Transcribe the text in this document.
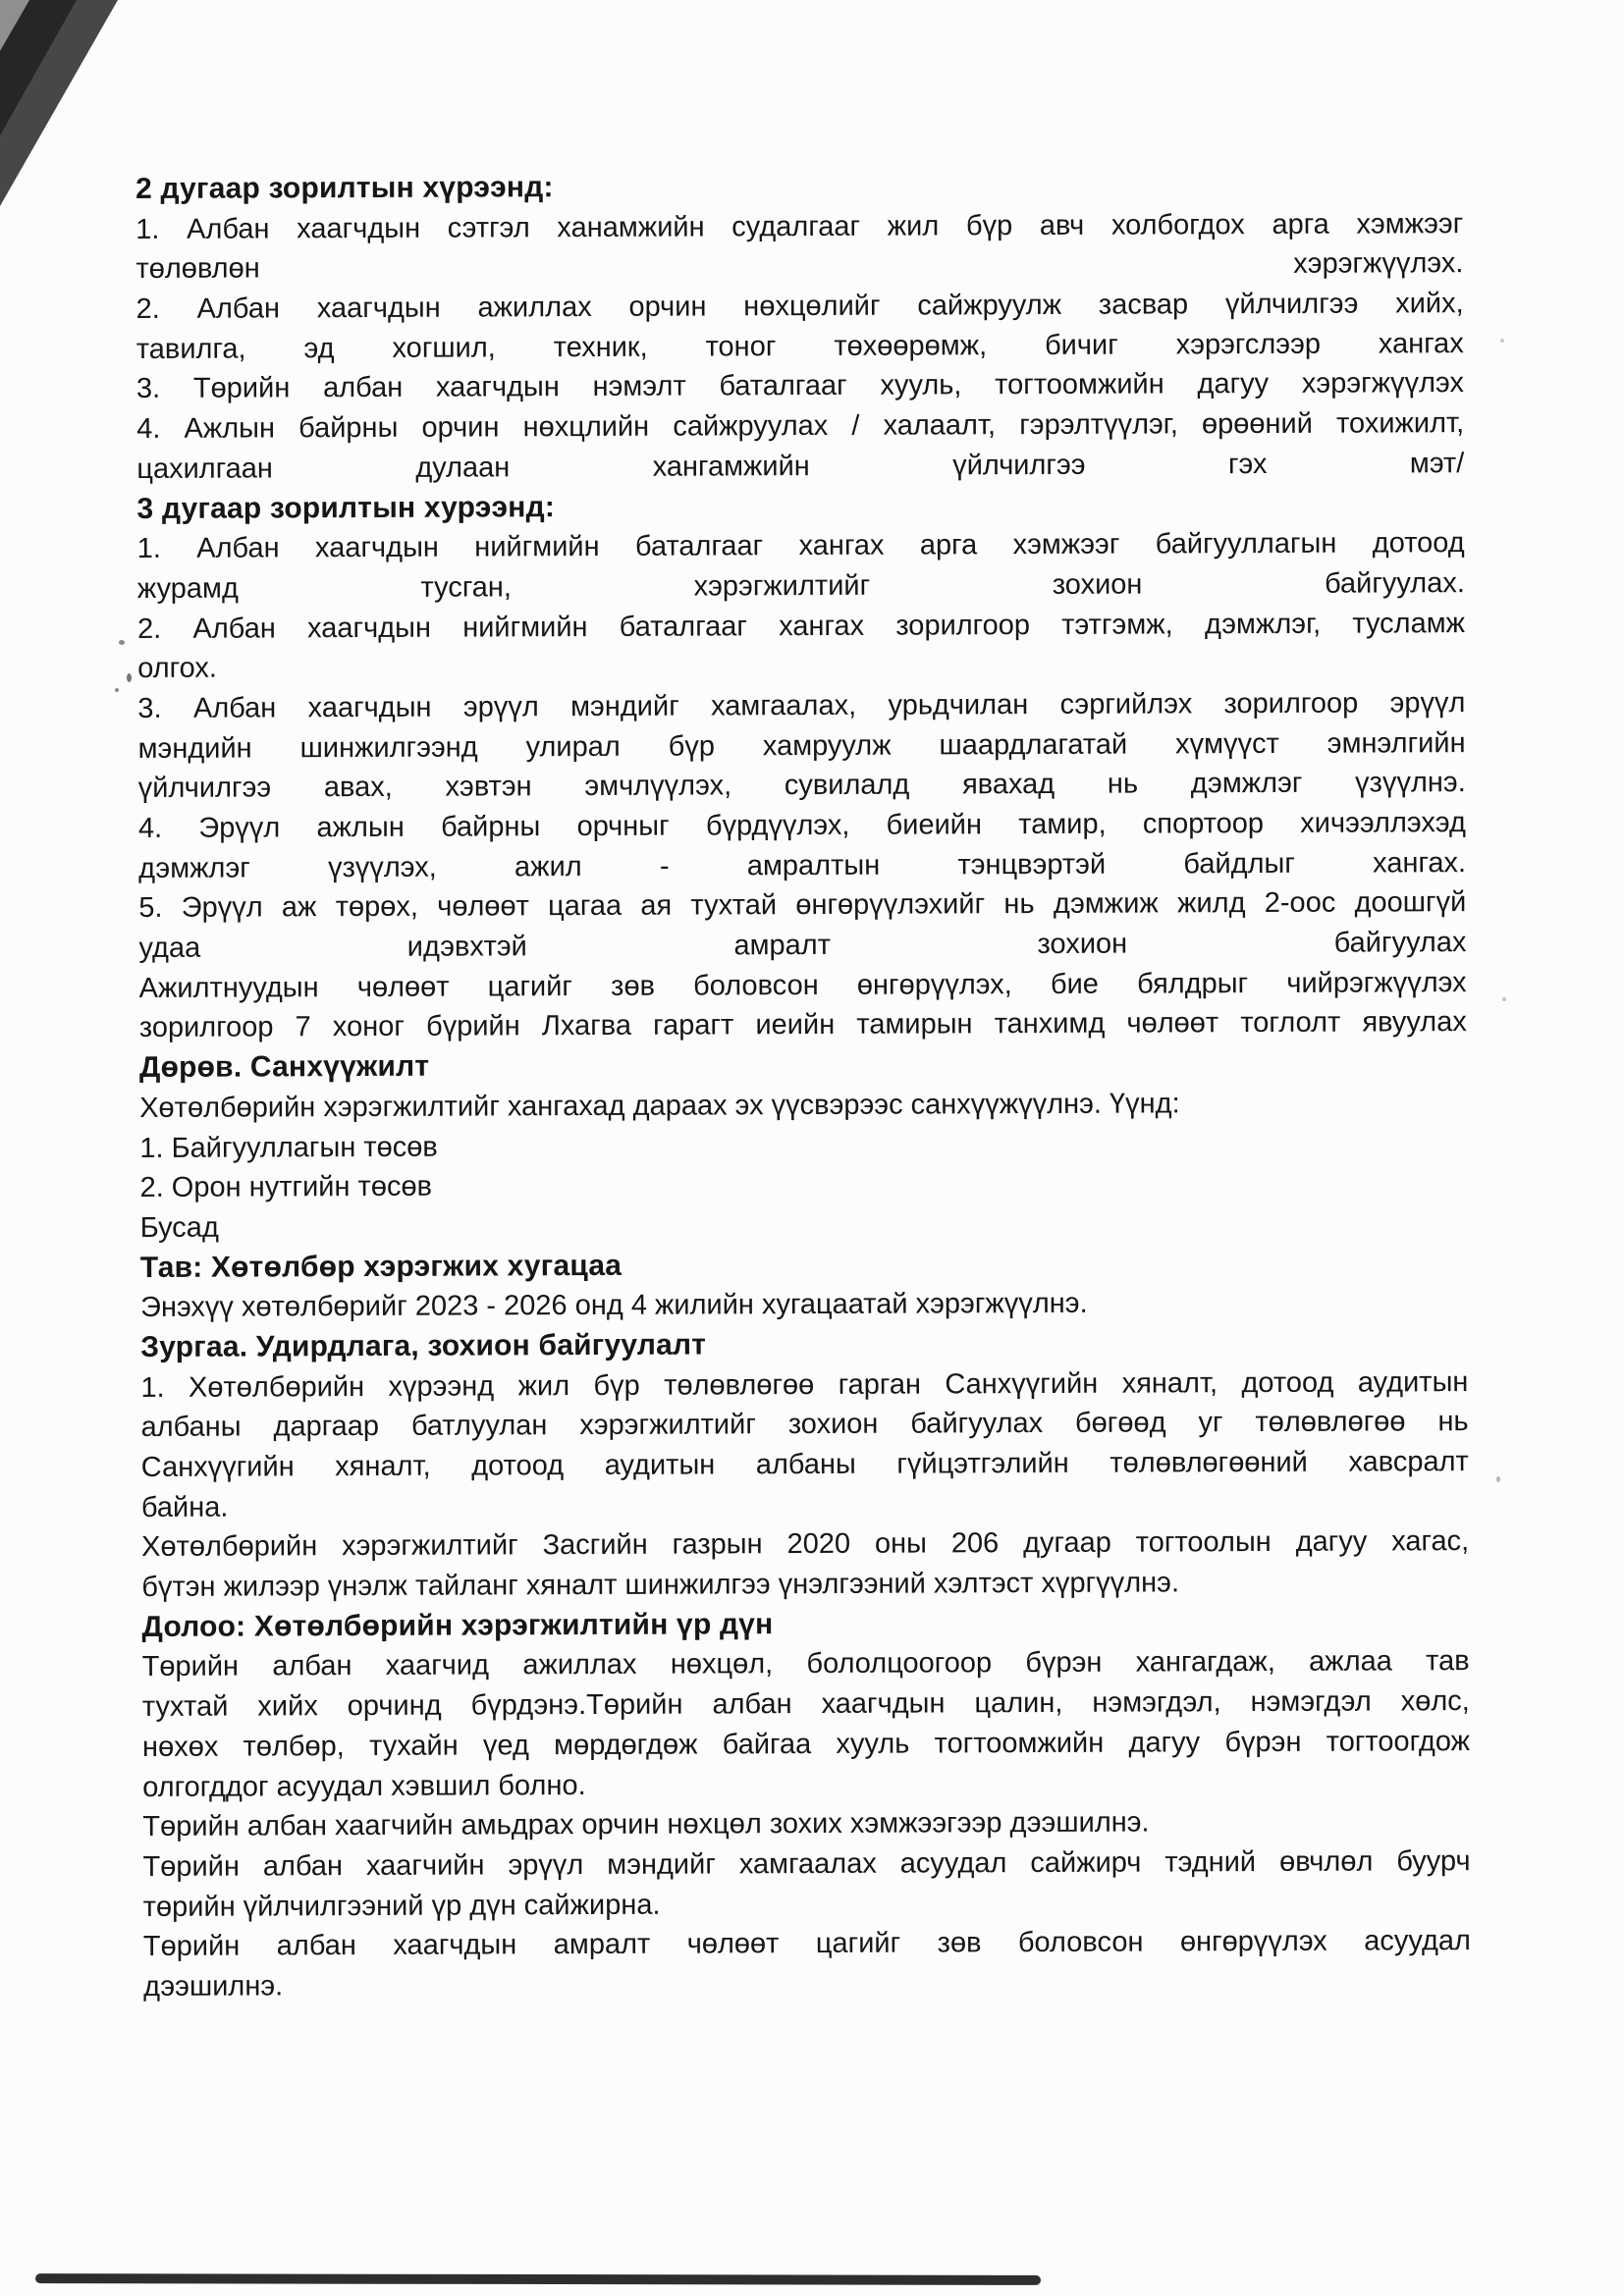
2 дугаар зорилтын хүрээнд:
1. Албан хаагчдын сэтгэл ханамжийн судалгааг жил бүр авч холбогдох арга хэмжээг
төлөвлөн хэрэгжүүлэх.
2. Албан хаагчдын ажиллах орчин нөхцөлийг сайжруулж засвар үйлчилгээ хийх,
тавилга, эд хогшил, техник, тоног төхөөрөмж, бичиг хэрэгслээр хангах
3. Төрийн албан хаагчдын нэмэлт баталгааг хууль, тогтоомжийн дагуу хэрэгжүүлэх
4. Ажлын байрны орчин нөхцлийн сайжруулах / халаалт, гэрэлтүүлэг, өрөөний тохижилт,
цахилгаан дулаан хангамжийн үйлчилгээ гэх мэт/
3 дугаар зорилтын хурээнд:
1. Албан хаагчдын нийгмийн баталгааг хангах арга хэмжээг байгууллагын дотоод
журамд тусган, хэрэгжилтийг зохион байгуулах.
2. Албан хаагчдын нийгмийн баталгааг хангах зорилгоор тэтгэмж, дэмжлэг, тусламж
олгох.
3. Албан хаагчдын эрүүл мэндийг хамгаалах, урьдчилан сэргийлэх зорилгоор эрүүл
мэндийн шинжилгээнд улирал бүр хамруулж шаардлагатай хүмүүст эмнэлгийн
үйлчилгээ авах, хэвтэн эмчлүүлэх, сувилалд явахад нь дэмжлэг үзүүлнэ.
4. Эрүүл ажлын байрны орчныг бүрдүүлэх, биеийн тамир, спортоор хичээллэхэд
дэмжлэг үзүүлэх, ажил - амралтын тэнцвэртэй байдлыг хангах.
5. Эрүүл аж төрөх, чөлөөт цагаа ая тухтай өнгөрүүлэхийг нь дэмжиж жилд 2-оос доошгүй
удаа идэвхтэй амралт зохион байгуулах
Ажилтнуудын чөлөөт цагийг зөв боловсон өнгөрүүлэх, бие бялдрыг чийрэгжүүлэх
зорилгоор 7 хоног бүрийн Лхагва гарагт иеийн тамирын танхимд чөлөөт тоглолт явуулах
Дөрөв. Санхүүжилт
Хөтөлбөрийн хэрэгжилтийг хангахад дараах эх үүсвэрээс санхүүжүүлнэ. Үүнд:
1. Байгууллагын төсөв
2. Орон нутгийн төсөв
Бусад
Тав: Хөтөлбөр хэрэгжих хугацаа
Энэхүү хөтөлбөрийг 2023 - 2026 онд 4 жилийн хугацаатай хэрэгжүүлнэ.
Зургаа. Удирдлага, зохион байгуулалт
1. Хөтөлбөрийн хүрээнд жил бүр төлөвлөгөө гарган Санхүүгийн хяналт, дотоод аудитын
албаны даргаар батлуулан хэрэгжилтийг зохион байгуулах бөгөөд уг төлөвлөгөө нь
Санхүүгийн хяналт, дотоод аудитын албаны гүйцэтгэлийн төлөвлөгөөний хавсралт
байна.
Хөтөлбөрийн хэрэгжилтийг Засгийн газрын 2020 оны 206 дугаар тогтоолын дагуу хагас,
бүтэн жилээр үнэлж тайланг хяналт шинжилгээ үнэлгээний хэлтэст хүргүүлнэ.
Долоо: Хөтөлбөрийн хэрэгжилтийн үр дүн
Төрийн албан хаагчид ажиллах нөхцөл, бололцоогоор бүрэн хангагдаж, ажлаа тав
тухтай хийх орчинд бүрдэнэ.Төрийн албан хаагчдын цалин, нэмэгдэл, нэмэгдэл хөлс,
нөхөх төлбөр, тухайн үед мөрдөгдөж байгаа хууль тогтоомжийн дагуу бүрэн тогтоогдож
олгогддог асуудал хэвшил болно.
Төрийн албан хаагчийн амьдрах орчин нөхцөл зохих хэмжээгээр дээшилнэ.
Төрийн албан хаагчийн эрүүл мэндийг хамгаалах асуудал сайжирч тэдний өвчлөл буурч
төрийн үйлчилгээний үр дүн сайжирна.
Төрийн албан хаагчдын амралт чөлөөт цагийг зөв боловсон өнгөрүүлэх асуудал
дээшилнэ.
